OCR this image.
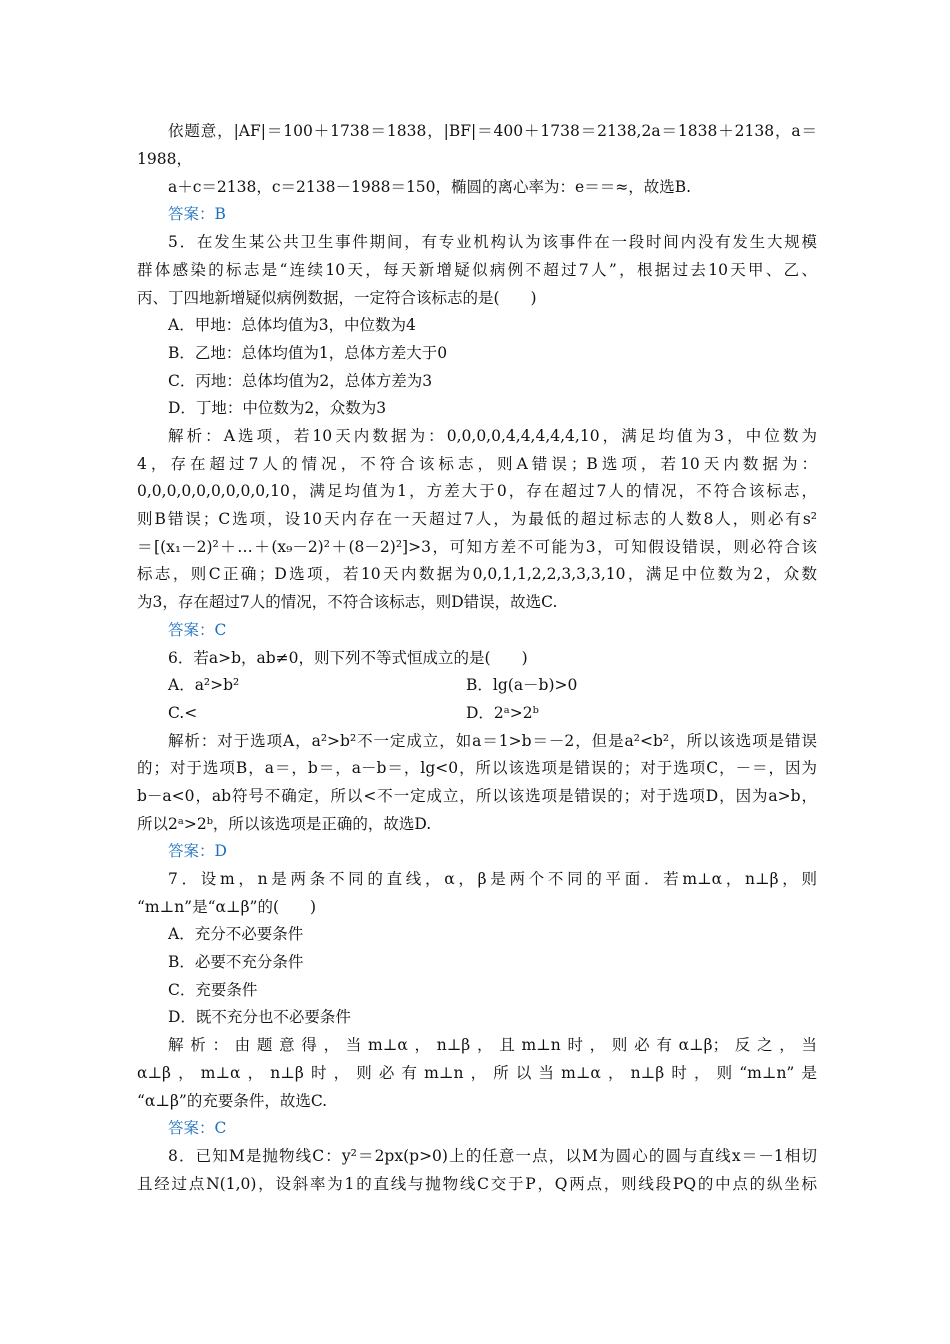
依题意，|AF|＝100＋1738＝1838，|BF|＝400＋1738＝2138,2a＝1838＋2138，a＝
1988，
a＋c＝2138，c＝2138－1988＝150，椭圆的离心率为：e＝＝≈，故选B.
答案：B
5．在发生某公共卫生事件期间，有专业机构认为该事件在一段时间内没有发生大规模
群体感染的标志是“连续10天，每天新增疑似病例不超过7人”，根据过去10天甲、乙、
丙、丁四地新增疑似病例数据，一定符合该标志的是(　　)
A．甲地：总体均值为3，中位数为4
B．乙地：总体均值为1，总体方差大于0
C．丙地：总体均值为2，总体方差为3
D．丁地：中位数为2，众数为3
解析：A选项，若10天内数据为：0,0,0,0,4,4,4,4,4,10，满足均值为3，中位数为
4，存在超过7人的情况，不符合该标志，则A错误；B选项，若10天内数据为：
0,0,0,0,0,0,0,0,0,10，满足均值为1，方差大于0，存在超过7人的情况，不符合该标志，
则B错误；C选项，设10天内存在一天超过7人，为最低的超过标志的人数8人，则必有s²
＝[(x₁－2)²＋…＋(x₉－2)²＋(8－2)²]>3，可知方差不可能为3，可知假设错误，则必符合该
标志，则C正确；D选项，若10天内数据为0,0,1,1,2,2,3,3,3,10，满足中位数为2，众数
为3，存在超过7人的情况，不符合该标志，则D错误，故选C.
答案：C
6．若a>b，ab≠0，则下列不等式恒成立的是(　　)
A．a²>b²	B．lg(a－b)>0
C.<	D．2ᵃ>2ᵇ
解析：对于选项A，a²>b²不一定成立，如a＝1>b＝－2，但是a²<b²，所以该选项是错误
的；对于选项B，a＝，b＝，a－b＝，lg<0，所以该选项是错误的；对于选项C，－＝，因为
b－a<0，ab符号不确定，所以<不一定成立，所以该选项是错误的；对于选项D，因为a>b，
所以2ᵃ>2ᵇ，所以该选项是正确的，故选D.
答案：D
7．设m，n是两条不同的直线，α，β是两个不同的平面．若m⊥α，n⊥β，则
“m⊥n”是“α⊥β”的(　　)
A．充分不必要条件
B．必要不充分条件
C．充要条件
D．既不充分也不必要条件
解析：由题意得，当m⊥α，n⊥β，且m⊥n时，则必有α⊥β；反之，当
α⊥β，m⊥α，n⊥β时，则必有m⊥n，所以当m⊥α，n⊥β时，则“m⊥n”是
“α⊥β”的充要条件，故选C.
答案：C
8．已知M是抛物线C：y²＝2px(p>0)上的任意一点，以M为圆心的圆与直线x＝－1相切
且经过点N(1,0)，设斜率为1的直线与抛物线C交于P，Q两点，则线段PQ的中点的纵坐标
